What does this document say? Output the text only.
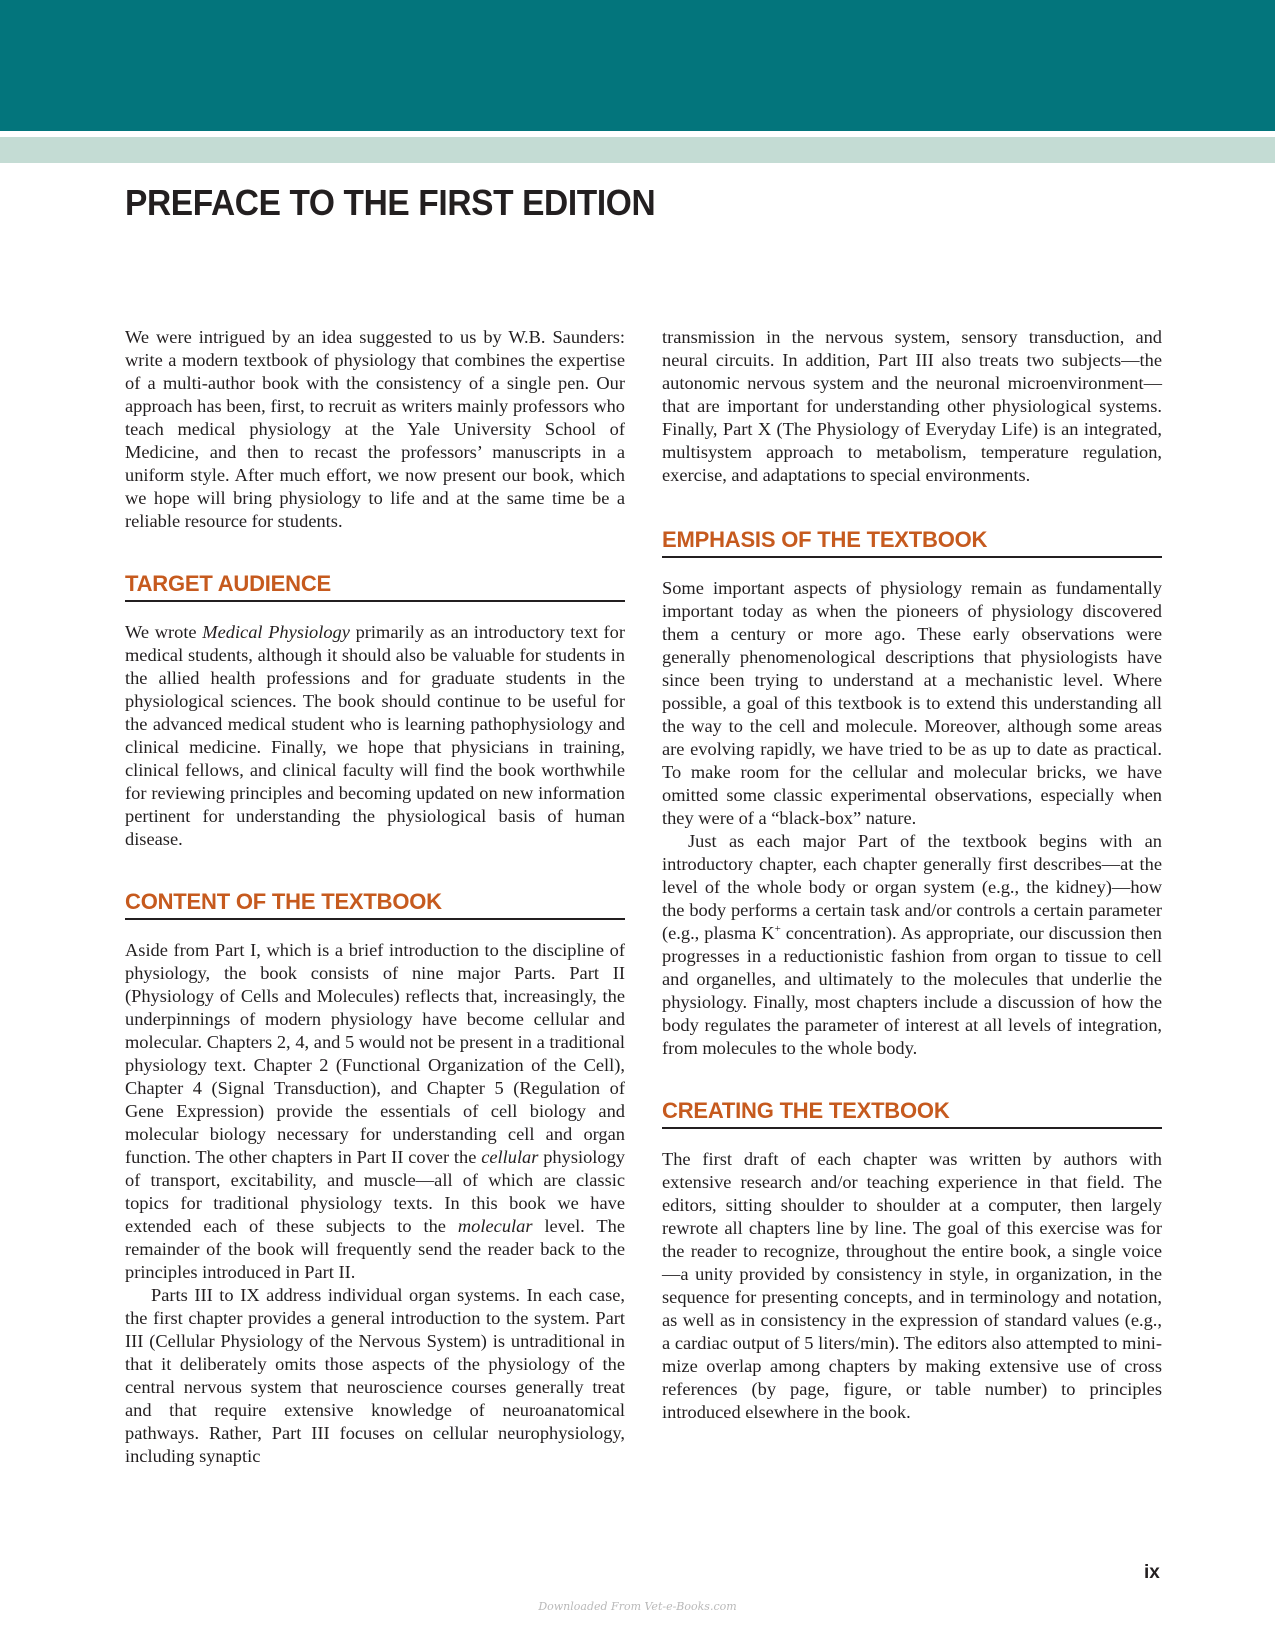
PREFACE TO THE FIRST EDITION

We were intrigued by an idea suggested to us by W.B. Saunders: write a modern textbook of physiology that combines the expertise of a multi-author book with the consistency of a single pen. Our approach has been, first, to recruit as writers mainly professors who teach medical physiology at the Yale University School of Medicine, and then to recast the professors’ manuscripts in a uniform style. After much effort, we now present our book, which we hope will bring physiology to life and at the same time be a reliable resource for students.

TARGET AUDIENCE

We wrote Medical Physiology primarily as an introductory text for medical students, although it should also be valuable for students in the allied health professions and for graduate students in the physiological sciences. The book should continue to be useful for the advanced medical student who is learning pathophysiology and clinical medicine. Finally, we hope that physicians in training, clinical fellows, and clinical faculty will find the book worthwhile for reviewing principles and becoming updated on new information pertinent for understanding the physiological basis of human disease.

CONTENT OF THE TEXTBOOK

Aside from Part I, which is a brief introduction to the discipline of physiology, the book consists of nine major Parts. Part II (Physiology of Cells and Molecules) reflects that, increasingly, the underpinnings of modern physiology have become cellular and molecular. Chapters 2, 4, and 5 would not be present in a traditional physiology text. Chapter 2 (Functional Organization of the Cell), Chapter 4 (Signal Transduction), and Chapter 5 (Regulation of Gene Expression) provide the essentials of cell biology and molecular biology necessary for understanding cell and organ function. The other chapters in Part II cover the cellular physiology of transport, excitability, and muscle—all of which are classic topics for traditional physiology texts. In this book we have extended each of these subjects to the molecular level. The remainder of the book will frequently send the reader back to the principles introduced in Part II.

Parts III to IX address individual organ systems. In each case, the first chapter provides a general introduction to the system. Part III (Cellular Physiology of the Nervous System) is untraditional in that it deliberately omits those aspects of the physiology of the central nervous system that neuroscience courses generally treat and that require extensive knowledge of neuroanatomical pathways. Rather, Part III focuses on cellular neurophysiology, including synaptic

transmission in the nervous system, sensory transduction, and neural circuits. In addition, Part III also treats two subjects—the autonomic nervous system and the neuronal microenvironment—that are important for understanding other physiological systems. Finally, Part X (The Physiology of Everyday Life) is an integrated, multisystem approach to metabolism, temperature regulation, exercise, and adaptations to special environments.

EMPHASIS OF THE TEXTBOOK

Some important aspects of physiology remain as fundamentally important today as when the pioneers of physiology discovered them a century or more ago. These early observations were generally phenomenological descriptions that physiologists have since been trying to understand at a mechanistic level. Where possible, a goal of this textbook is to extend this understanding all the way to the cell and molecule. Moreover, although some areas are evolving rapidly, we have tried to be as up to date as practical. To make room for the cellular and molecular bricks, we have omitted some classic experimental observations, especially when they were of a “black-box” nature.

Just as each major Part of the textbook begins with an introductory chapter, each chapter generally first describes—at the level of the whole body or organ system (e.g., the kidney)—how the body performs a certain task and/or controls a certain parameter (e.g., plasma K+ concentration). As appropriate, our discussion then progresses in a reductionistic fashion from organ to tissue to cell and organelles, and ultimately to the molecules that underlie the physiology. Finally, most chapters include a discussion of how the body regulates the parameter of interest at all levels of integration, from molecules to the whole body.

CREATING THE TEXTBOOK

The first draft of each chapter was written by authors with extensive research and/or teaching experience in that field. The editors, sitting shoulder to shoulder at a computer, then largely rewrote all chapters line by line. The goal of this exercise was for the reader to recognize, throughout the entire book, a single voice—a unity provided by consistency in style, in organization, in the sequence for presenting concepts, and in terminology and notation, as well as in consistency in the expression of standard values (e.g., a cardiac output of 5 liters/min). The editors also attempted to minimize overlap among chapters by making extensive use of cross references (by page, figure, or table number) to principles introduced elsewhere in the book.

ix
Downloaded From Vet-e-Books.com
